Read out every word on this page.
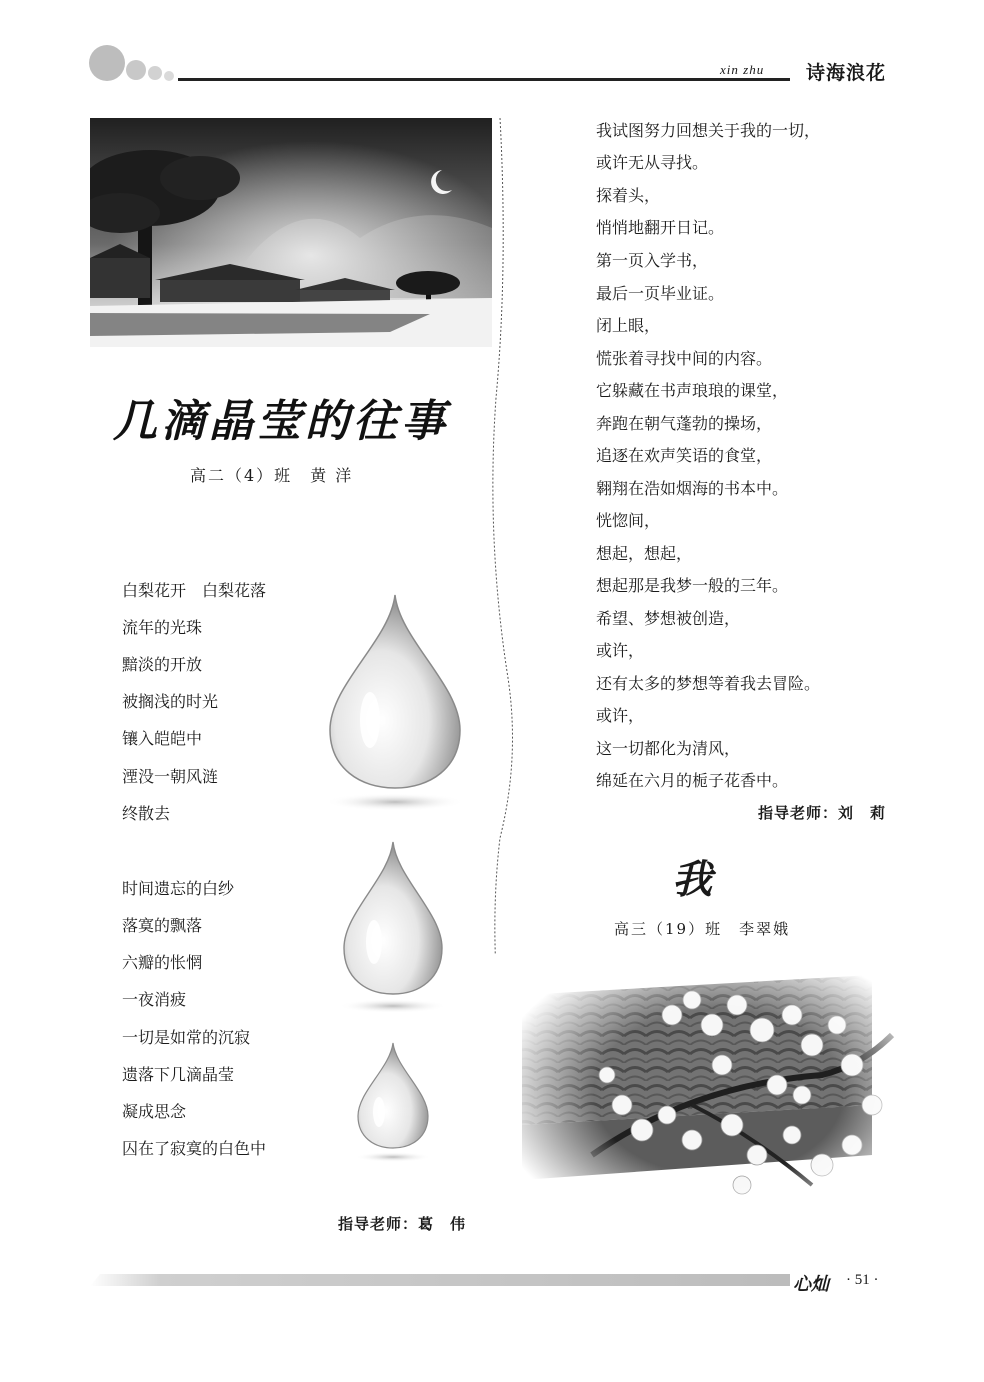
xin zhu 诗海浪花
几滴晶莹的往事
高二（4）班　黄 洋
白梨花开　白梨花落
流年的光珠
黯淡的开放
被搁浅的时光
镶入皑皑中
湮没一朝风涟
终散去
时间遗忘的白纱
落寞的飘落
六瓣的怅惘
一夜消疲
一切是如常的沉寂
遗落下几滴晶莹
凝成思念
囚在了寂寞的白色中
指导老师：葛　伟
我试图努力回想关于我的一切，
或许无从寻找。
探着头，
悄悄地翻开日记。
第一页入学书，
最后一页毕业证。
闭上眼，
慌张着寻找中间的内容。
它躲藏在书声琅琅的课堂，
奔跑在朝气蓬勃的操场，
追逐在欢声笑语的食堂，
翱翔在浩如烟海的书本中。
恍惚间，
想起，想起，
想起那是我梦一般的三年。
希望、梦想被创造，
或许，
还有太多的梦想等着我去冒险。
或许，
这一切都化为清风，
绵延在六月的栀子花香中。
指导老师：刘　莉
我
高三（19）班　李翠娥
心灿 · 51 ·
